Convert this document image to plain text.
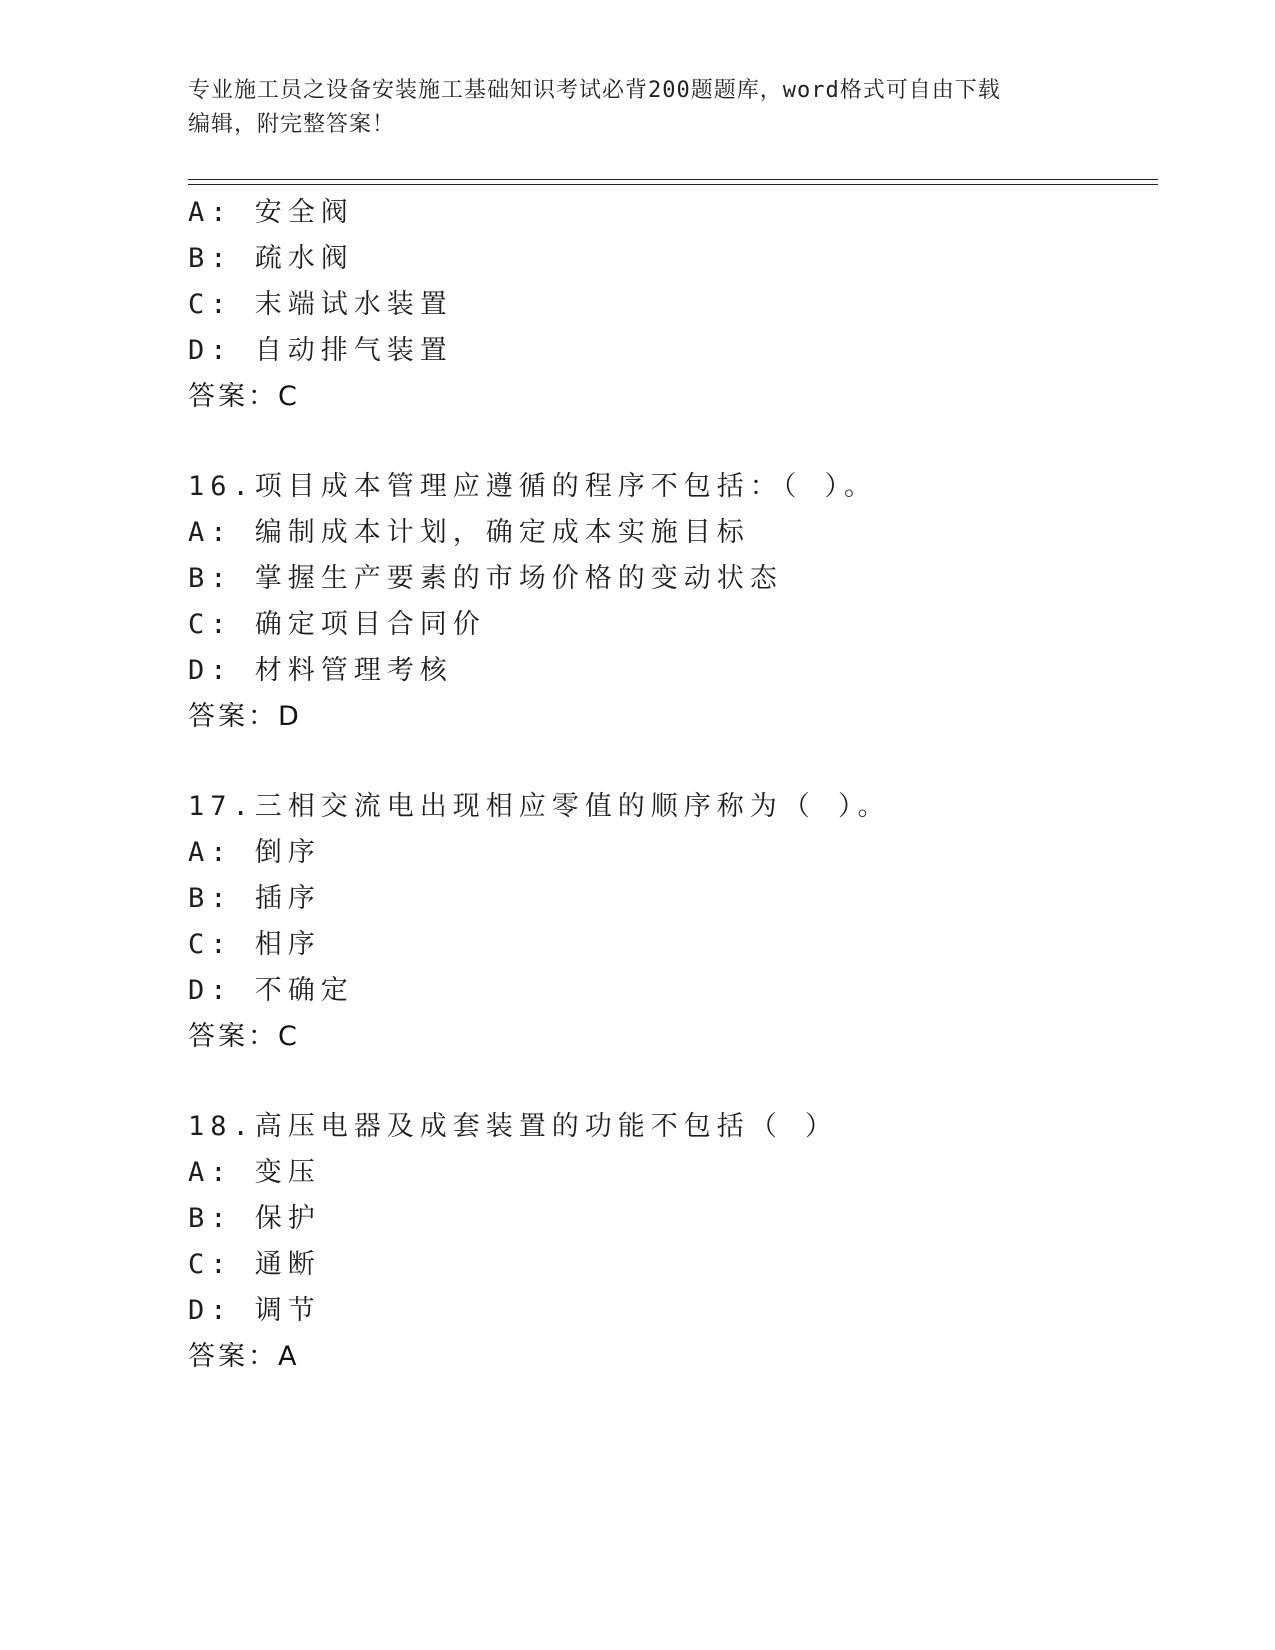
专业施工员之设备安装施工基础知识考试必背200题题库，word格式可自由下载
编辑，附完整答案！
A: 安全阀
B: 疏水阀
C: 末端试水装置
D: 自动排气装置
答案：C
16.项目成本管理应遵循的程序不包括：（ ）。
A: 编制成本计划，确定成本实施目标
B: 掌握生产要素的市场价格的变动状态
C: 确定项目合同价
D: 材料管理考核
答案：D
17.三相交流电出现相应零值的顺序称为（ ）。
A: 倒序
B: 插序
C: 相序
D: 不确定
答案：C
18.高压电器及成套装置的功能不包括（ ）
A: 变压
B: 保护
C: 通断
D: 调节
答案：A
